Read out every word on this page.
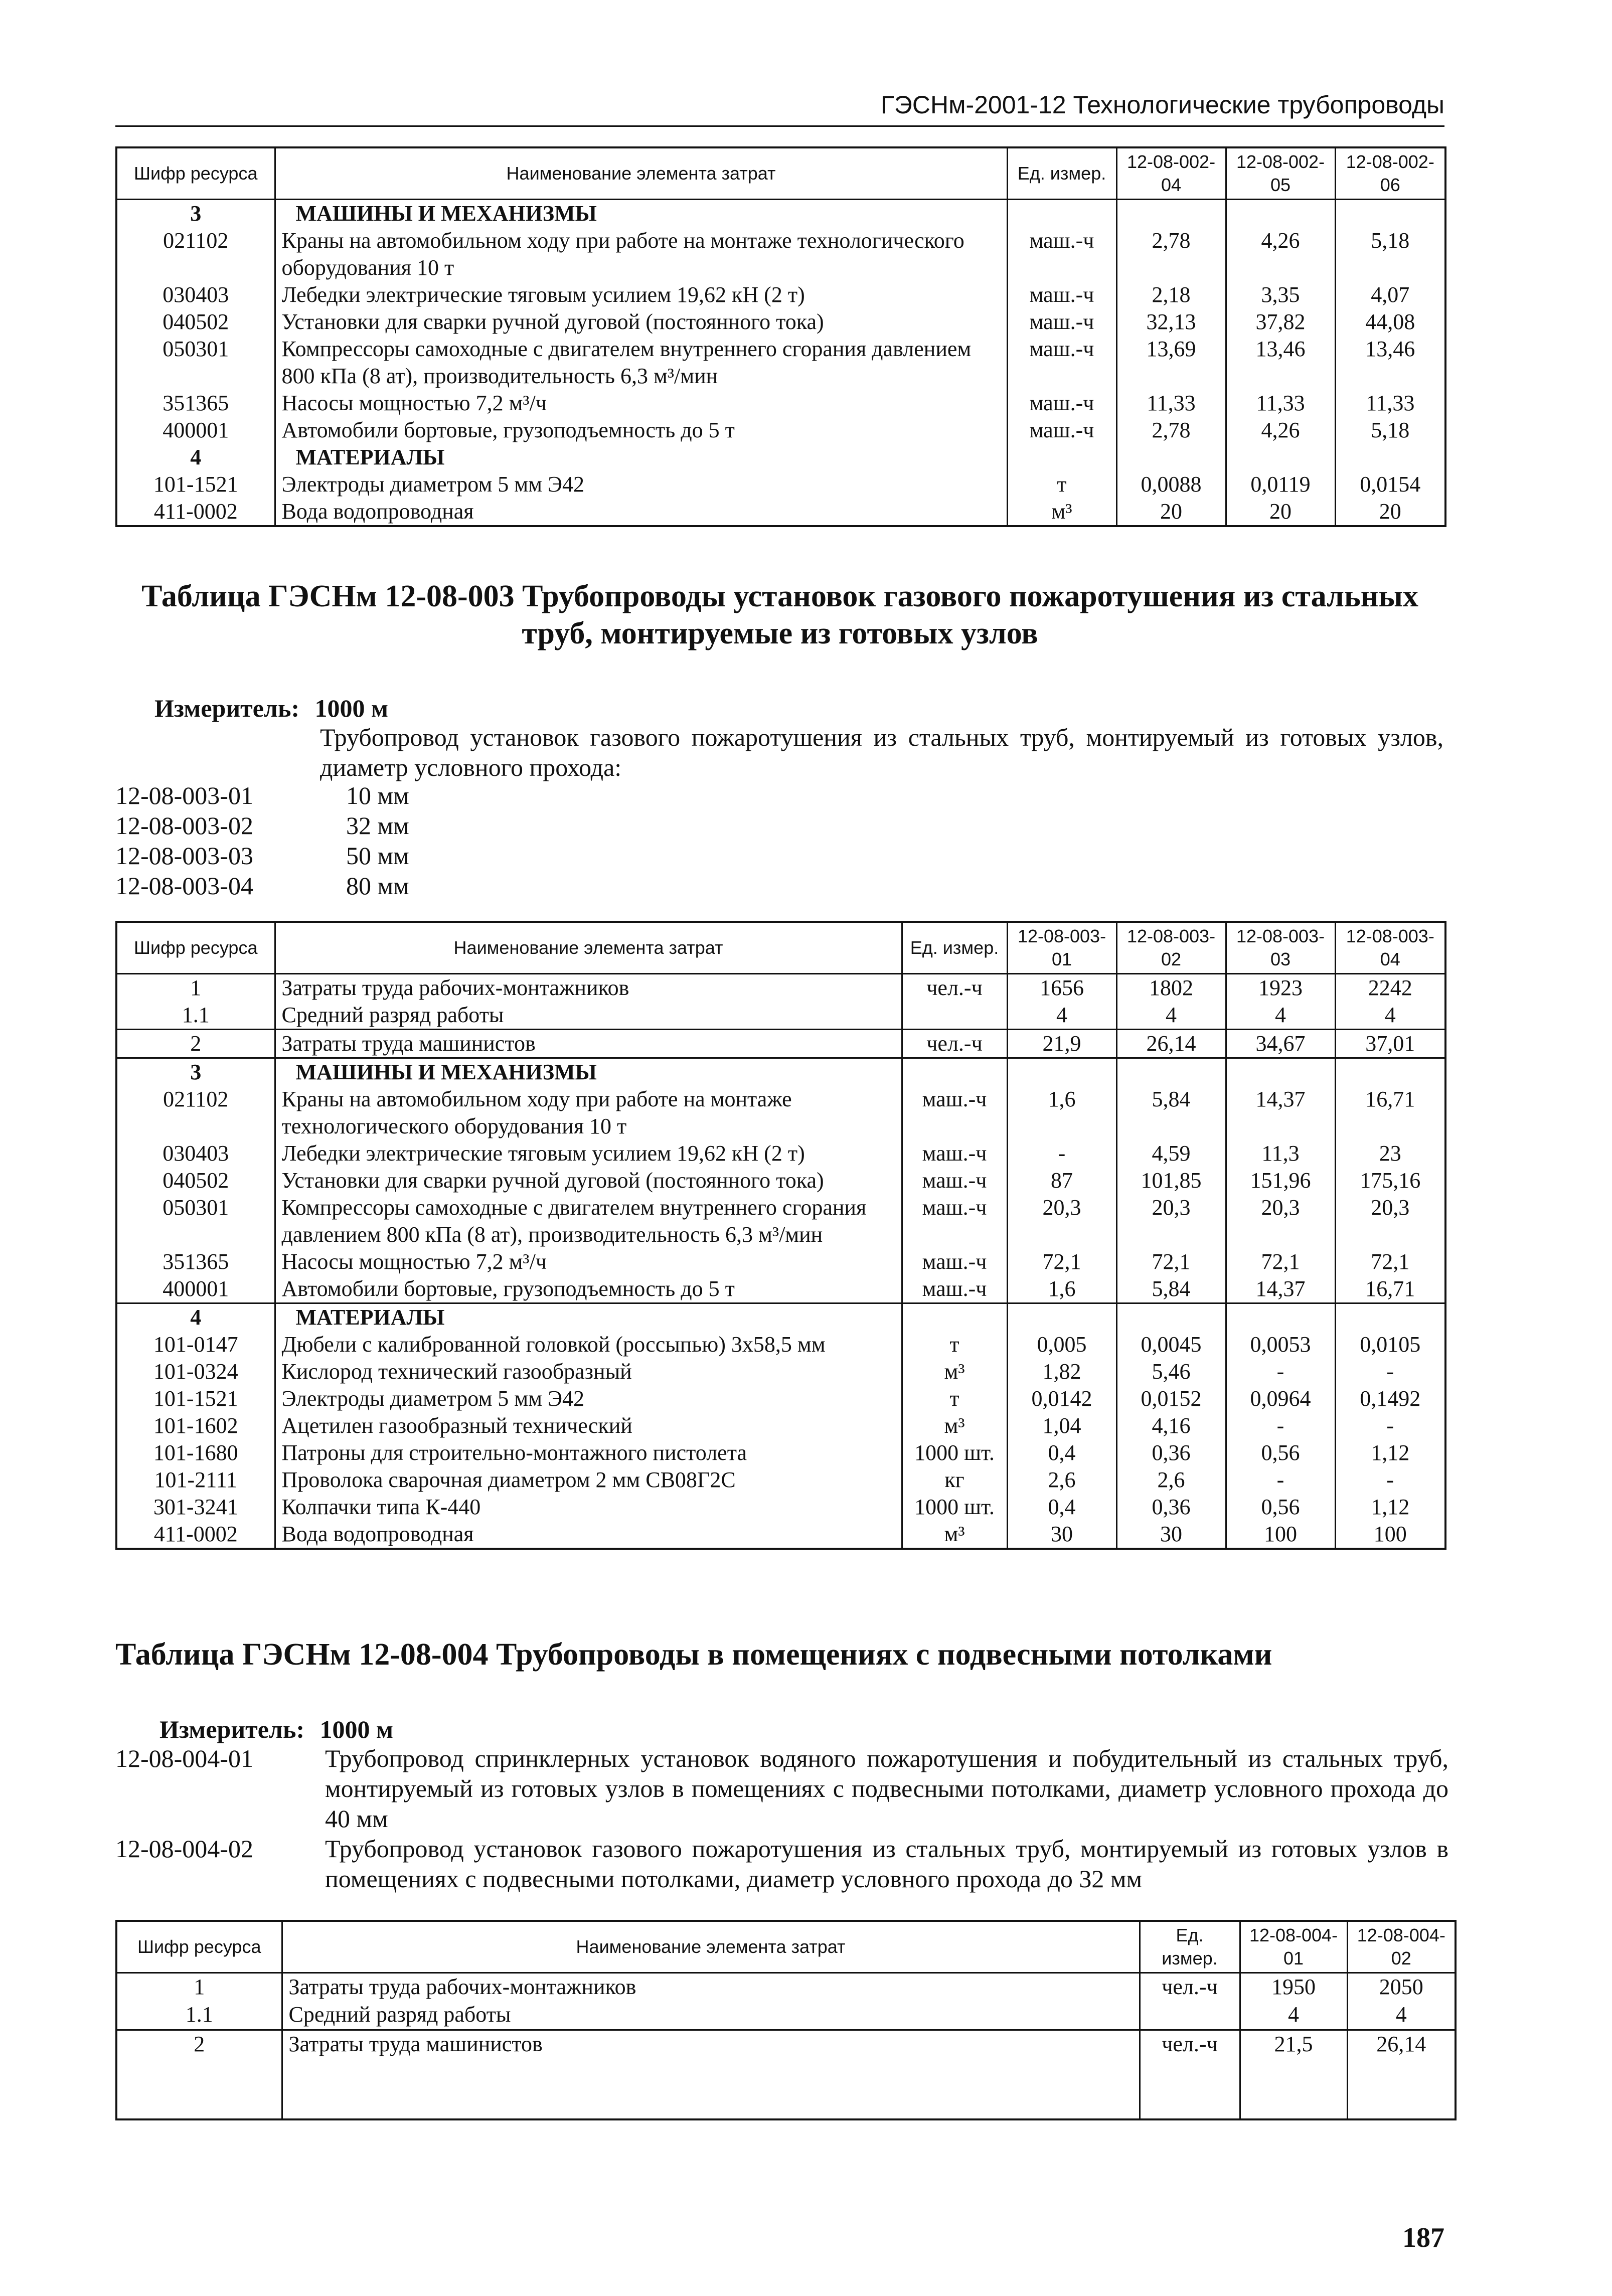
ГЭСНм-2001-12 Технологические трубопроводы
Шифр ресурса	Наименование элемента затрат	Ед. измер.	12-08-002-04	12-08-002-05	12-08-002-06
3	МАШИНЫ И МЕХАНИЗМЫ				
021102	Краны на автомобильном ходу при работе на монтаже технологического оборудования 10 т	маш.-ч	2,78	4,26	5,18
030403	Лебедки электрические тяговым усилием 19,62 кН (2 т)	маш.-ч	2,18	3,35	4,07
040502	Установки для сварки ручной дуговой (постоянного тока)	маш.-ч	32,13	37,82	44,08
050301	Компрессоры самоходные с двигателем внутреннего сгорания давлением 800 кПа (8 ат), производительность 6,3 м³/мин	маш.-ч	13,69	13,46	13,46
351365	Насосы мощностью 7,2 м³/ч	маш.-ч	11,33	11,33	11,33
400001	Автомобили бортовые, грузоподъемность до 5 т	маш.-ч	2,78	4,26	5,18
4	МАТЕРИАЛЫ				
101-1521	Электроды диаметром 5 мм Э42	т	0,0088	0,0119	0,0154
411-0002	Вода водопроводная	м³	20	20	20
Таблица ГЭСНм 12-08-003 Трубопроводы установок газового пожаротушения из стальных труб, монтируемые из готовых узлов
Измеритель: 1000 м
Трубопровод установок газового пожаротушения из стальных труб, монтируемый из готовых узлов, диаметр условного прохода:
12-08-003-01	10 мм
12-08-003-02	32 мм
12-08-003-03	50 мм
12-08-003-04	80 мм
Шифр ресурса	Наименование элемента затрат	Ед. измер.	12-08-003-01	12-08-003-02	12-08-003-03	12-08-003-04
1	Затраты труда рабочих-монтажников	чел.-ч	1656	1802	1923	2242
1.1	Средний разряд работы		4	4	4	4
2	Затраты труда машинистов	чел.-ч	21,9	26,14	34,67	37,01
3	МАШИНЫ И МЕХАНИЗМЫ					
021102	Краны на автомобильном ходу при работе на монтаже технологического оборудования 10 т	маш.-ч	1,6	5,84	14,37	16,71
030403	Лебедки электрические тяговым усилием 19,62 кН (2 т)	маш.-ч	-	4,59	11,3	23
040502	Установки для сварки ручной дуговой (постоянного тока)	маш.-ч	87	101,85	151,96	175,16
050301	Компрессоры самоходные с двигателем внутреннего сгорания давлением 800 кПа (8 ат), производительность 6,3 м³/мин	маш.-ч	20,3	20,3	20,3	20,3
351365	Насосы мощностью 7,2 м³/ч	маш.-ч	72,1	72,1	72,1	72,1
400001	Автомобили бортовые, грузоподъемность до 5 т	маш.-ч	1,6	5,84	14,37	16,71
4	МАТЕРИАЛЫ					
101-0147	Дюбели с калиброванной головкой (россыпью) 3х58,5 мм	т	0,005	0,0045	0,0053	0,0105
101-0324	Кислород технический газообразный	м³	1,82	5,46	-	-
101-1521	Электроды диаметром 5 мм Э42	т	0,0142	0,0152	0,0964	0,1492
101-1602	Ацетилен газообразный технический	м³	1,04	4,16	-	-
101-1680	Патроны для строительно-монтажного пистолета	1000 шт.	0,4	0,36	0,56	1,12
101-2111	Проволока сварочная диаметром 2 мм СВ08Г2С	кг	2,6	2,6	-	-
301-3241	Колпачки типа К-440	1000 шт.	0,4	0,36	0,56	1,12
411-0002	Вода водопроводная	м³	30	30	100	100
Таблица ГЭСНм 12-08-004 Трубопроводы в помещениях с подвесными потолками
Измеритель: 1000 м
12-08-004-01	Трубопровод спринклерных установок водяного пожаротушения и побудительный из стальных труб, монтируемый из готовых узлов в помещениях с подвесными потолками, диаметр условного прохода до 40 мм
12-08-004-02	Трубопровод установок газового пожаротушения из стальных труб, монтируемый из готовых узлов в помещениях с подвесными потолками, диаметр условного прохода до 32 мм
Шифр ресурса	Наименование элемента затрат	Ед. измер.	12-08-004-01	12-08-004-02
1	Затраты труда рабочих-монтажников	чел.-ч	1950	2050
1.1	Средний разряд работы		4	4
2	Затраты труда машинистов	чел.-ч	21,5	26,14

187
